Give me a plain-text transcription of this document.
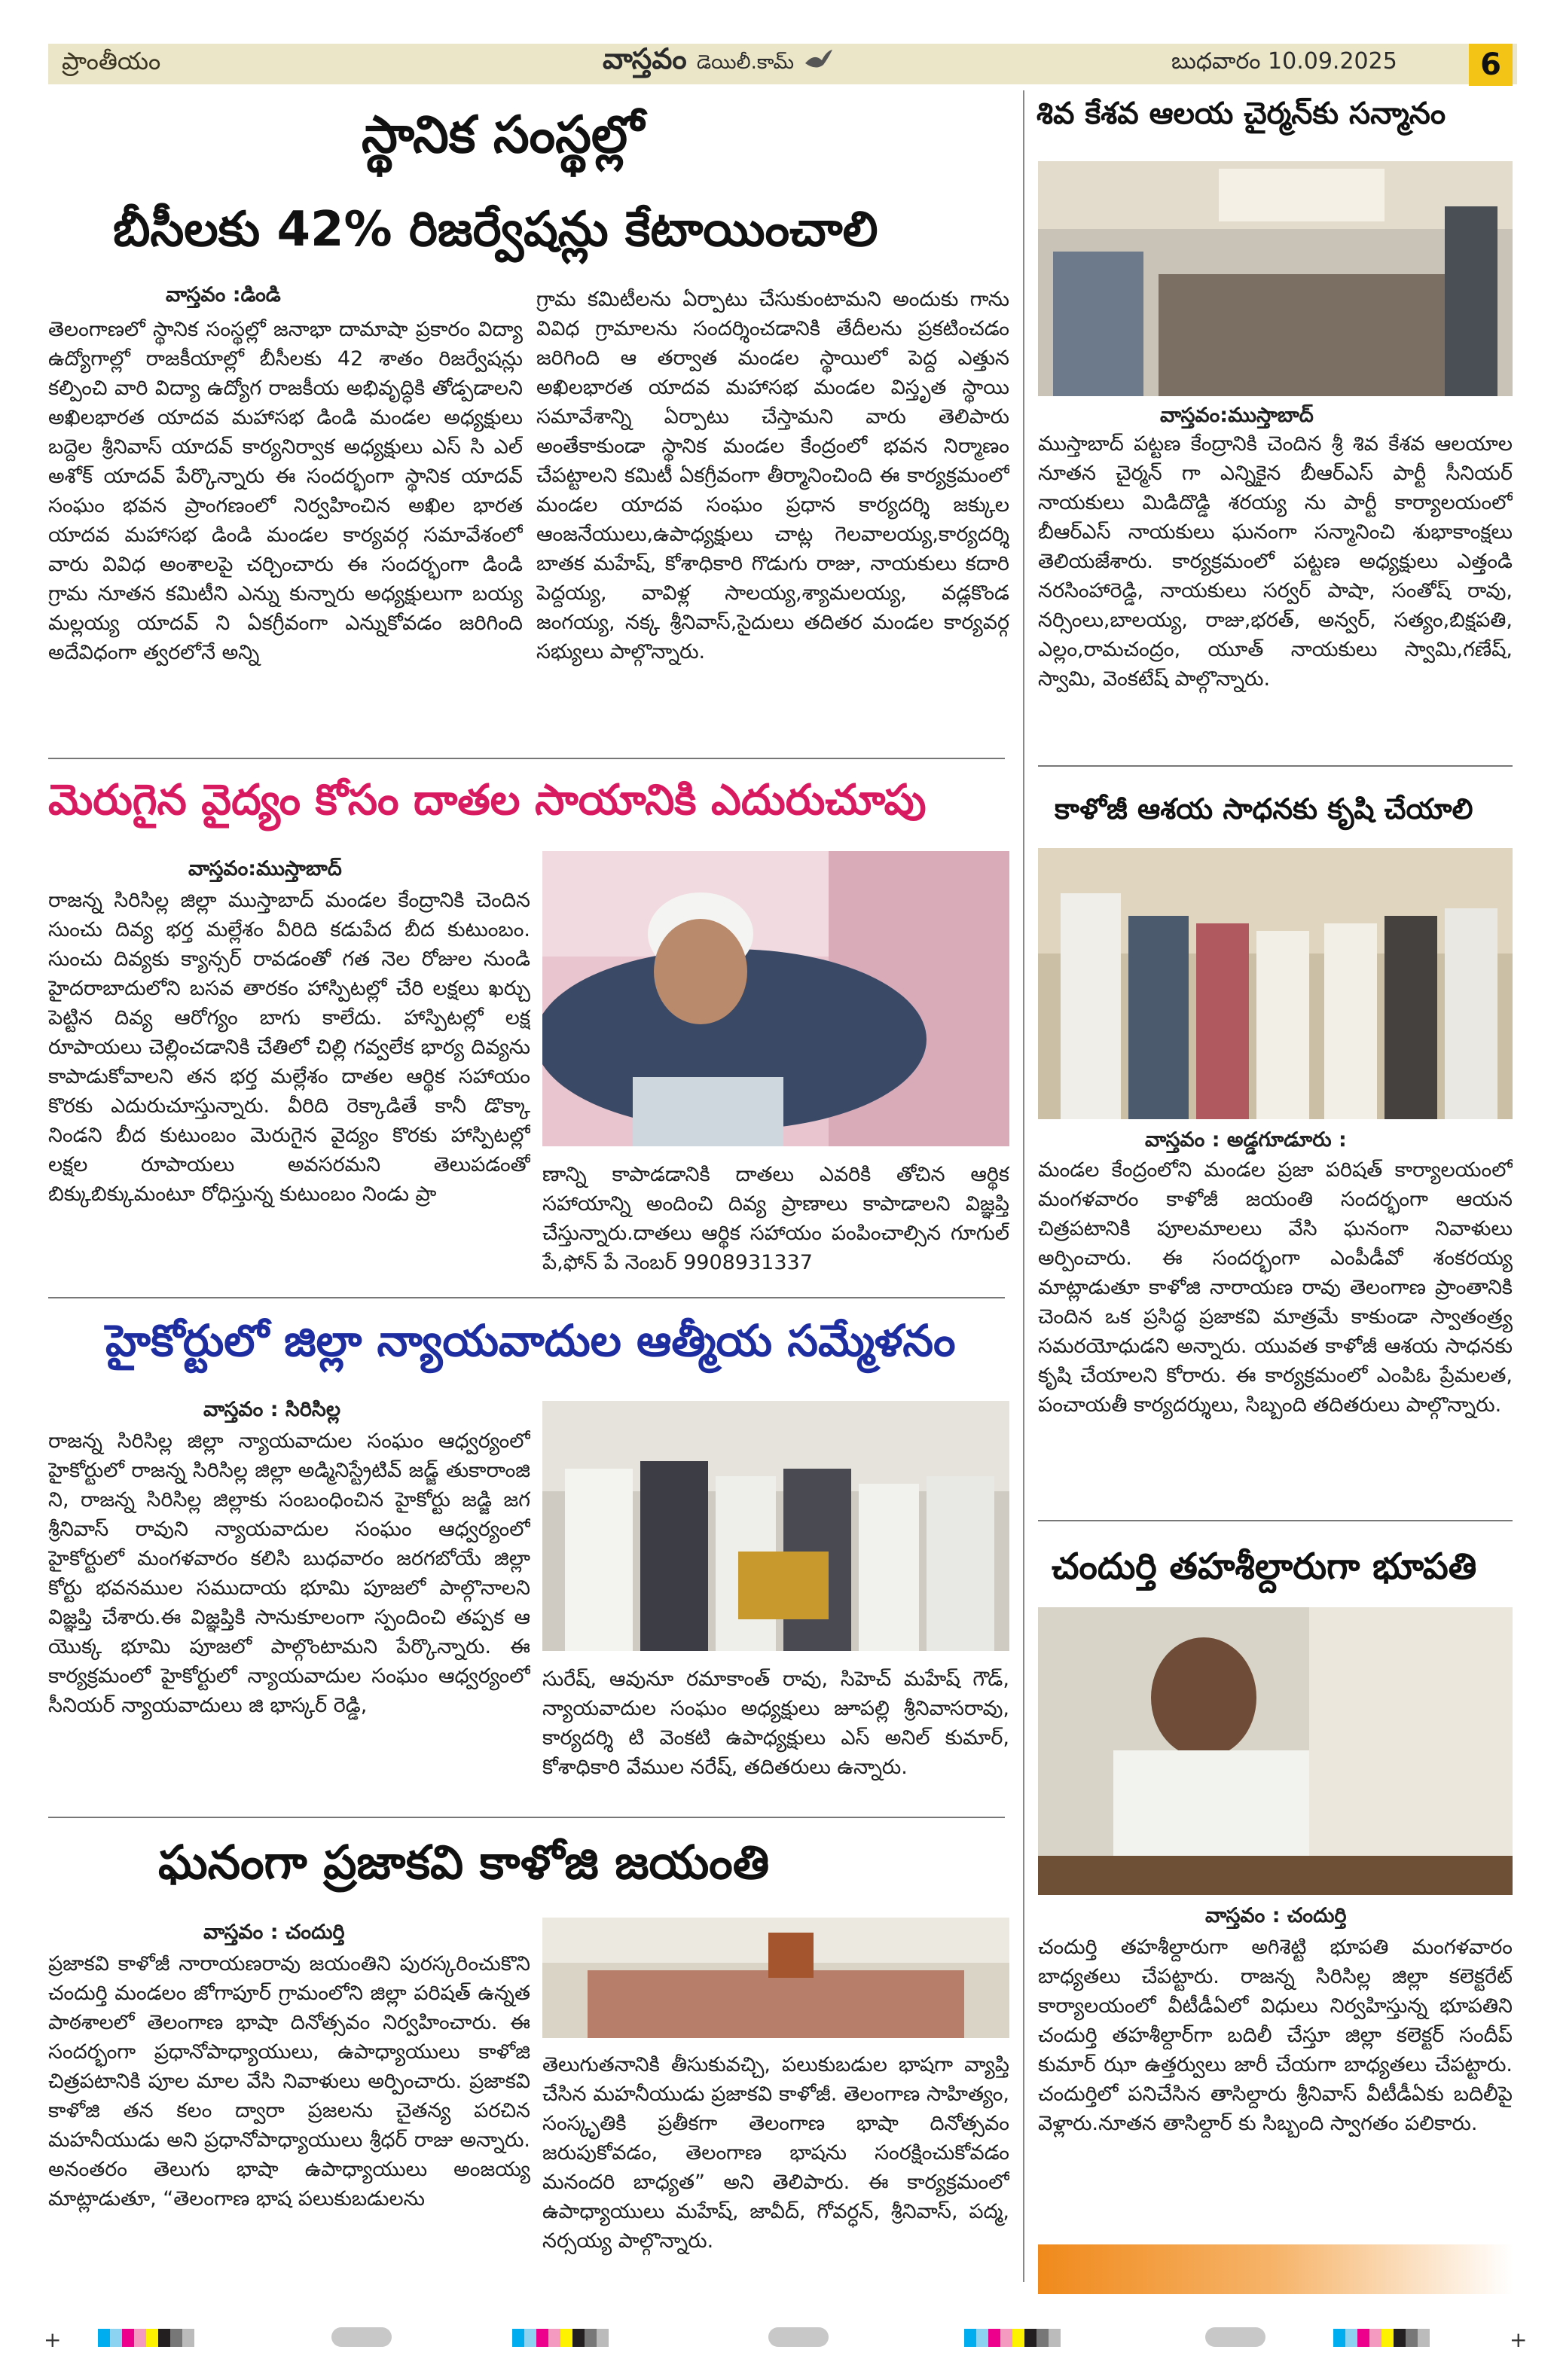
ప్రాంతీయం	వాస్తవం డెయిలీ.కామ్	బుధవారం 10.09.2025	6
స్థానిక సంస్థల్లో
బీసీలకు 42% రిజర్వేషన్లు కేటాయించాలి
వాస్తవం :డిండి
తెలంగాణలో స్థానిక సంస్థల్లో జనాభా దామాషా ప్రకారం విద్యా ఉద్యోగాల్లో రాజకీయాల్లో బీసీలకు 42 శాతం రిజర్వేషన్లు కల్పించి వారి విద్యా ఉద్యోగ రాజకీయ అభివృద్ధికి తోడ్పడాలని అఖిలభారత యాదవ మహాసభ డిండి మండల అధ్యక్షులు బద్దెల శ్రీనివాస్ యాదవ్ కార్యనిర్వాక అధ్యక్షులు ఎస్ సి ఎల్ అశోక్ యాదవ్ పేర్కొన్నారు ఈ సందర్భంగా స్థానిక యాదవ్ సంఘం భవన ప్రాంగణంలో నిర్వహించిన అఖిల భారత యాదవ మహాసభ డిండి మండల కార్యవర్గ సమావేశంలో వారు వివిధ అంశాలపై చర్చించారు ఈ సందర్భంగా డిండి గ్రామ నూతన కమిటీని ఎన్ను కున్నారు అధ్యక్షులుగా బయ్య మల్లయ్య యాదవ్ ని ఏకగ్రీవంగా ఎన్నుకోవడం జరిగింది అదేవిధంగా త్వరలోనే అన్ని
గ్రామ కమిటీలను ఏర్పాటు చేసుకుంటామని అందుకు గాను వివిధ గ్రామాలను సందర్శించడానికి తేదీలను ప్రకటించడం జరిగింది ఆ తర్వాత మండల స్థాయిలో పెద్ద ఎత్తున అఖిలభారత యాదవ మహాసభ మండల విస్తృత స్థాయి సమావేశాన్ని ఏర్పాటు చేస్తామని వారు తెలిపారు అంతేకాకుండా స్థానిక మండల కేంద్రంలో భవన నిర్మాణం చేపట్టాలని కమిటీ ఏకగ్రీవంగా తీర్మానించింది ఈ కార్యక్రమంలో మండల యాదవ సంఘం ప్రధాన కార్యదర్శి జక్కుల ఆంజనేయులు,ఉపాధ్యక్షులు చాట్ల గెలవాలయ్య,కార్యదర్శి బాతక మహేష్, కోశాధికారి గొడుగు రాజు, నాయకులు కదారి పెద్దయ్య, వావిళ్ల సాలయ్య,శ్యామలయ్య, వడ్లకొండ జంగయ్య, నక్క శ్రీనివాస్,సైదులు తదితర మండల కార్యవర్గ సభ్యులు పాల్గొన్నారు.
మెరుగైన వైద్యం కోసం దాతల సాయానికి ఎదురుచూపు
వాస్తవం:ముస్తాబాద్
రాజన్న సిరిసిల్ల జిల్లా ముస్తాబాద్ మండల కేంద్రానికి చెందిన సుంచు దివ్య భర్త మల్లేశం వీరిది కడుపేద బీద కుటుంబం. సుంచు దివ్యకు క్యాన్సర్ రావడంతో గత నెల రోజుల నుండి హైదరాబాదులోని బసవ తారకం హాస్పిటల్లో చేరి లక్షలు ఖర్చు పెట్టిన దివ్య ఆరోగ్యం బాగు కాలేదు. హాస్పిటల్లో లక్ష రూపాయలు చెల్లించడానికి చేతిలో చిల్లి గవ్వలేక భార్య దివ్యను కాపాడుకోవాలని తన భర్త మల్లేశం దాతల ఆర్థిక సహాయం కొరకు ఎదురుచూస్తున్నారు. వీరిది రెక్కాడితే కానీ డొక్కా నిండని బీద కుటుంబం మెరుగైన వైద్యం కొరకు హాస్పిటల్లో లక్షల రూపాయలు అవసరమని తెలుపడంతో బిక్కుబిక్కుమంటూ రోధిస్తున్న కుటుంబం నిండు ప్రా
ణాన్ని కాపాడడానికి దాతలు ఎవరికి తోచిన ఆర్థిక సహాయాన్ని అందించి దివ్య ప్రాణాలు కాపాడాలని విజ్ఞప్తి చేస్తున్నారు.దాతలు ఆర్థిక సహాయం పంపించాల్సిన గూగుల్ పే,ఫోన్ పే నెంబర్ 9908931337
హైకోర్టులో జిల్లా న్యాయవాదుల ఆత్మీయ సమ్మేళనం
వాస్తవం : సిరిసిల్ల
రాజన్న సిరిసిల్ల జిల్లా న్యాయవాదుల సంఘం ఆధ్వర్యంలో హైకోర్టులో రాజన్న సిరిసిల్ల జిల్లా అడ్మినిస్ట్రేటివ్ జడ్జ్ తుకారాంజి ని, రాజన్న సిరిసిల్ల జిల్లాకు సంబంధించిన హైకోర్టు జడ్జి జగ శ్రీనివాస్ రావుని న్యాయవాదుల సంఘం ఆధ్వర్యంలో హైకోర్టులో మంగళవారం కలిసి బుధవారం జరగబోయే జిల్లా కోర్టు భవనముల సముదాయ భూమి పూజలో పాల్గొనాలని విజ్ఞప్తి చేశారు.ఈ విజ్ఞప్తికి సానుకూలంగా స్పందించి తప్పక ఆ యొక్క భూమి పూజలో పాల్గొంటామని పేర్కొన్నారు. ఈ కార్యక్రమంలో హైకోర్టులో న్యాయవాదుల సంఘం ఆధ్వర్యంలో సీనియర్ న్యాయవాదులు జి భాస్కర్ రెడ్డి,
సురేష్, ఆవునూ రమాకాంత్ రావు, సిహెచ్ మహేష్ గౌడ్, న్యాయవాదుల సంఘం అధ్యక్షులు జూపల్లి శ్రీనివాసరావు, కార్యదర్శి టి వెంకటి ఉపాధ్యక్షులు ఎస్ అనిల్ కుమార్, కోశాధికారి వేముల నరేష్, తదితరులు ఉన్నారు.
ఘనంగా ప్రజాకవి కాళోజి జయంతి
వాస్తవం : చందుర్తి
ప్రజాకవి కాళోజీ నారాయణరావు జయంతిని పురస్కరించుకొని చందుర్తి మండలం జోగాపూర్ గ్రామంలోని జిల్లా పరిషత్ ఉన్నత పాఠశాలలో తెలంగాణ భాషా దినోత్సవం నిర్వహించారు. ఈ సందర్భంగా ప్రధానోపాధ్యాయులు, ఉపాధ్యాయులు కాళోజి చిత్రపటానికి పూల మాల వేసి నివాళులు అర్పించారు. ప్రజాకవి కాళోజి తన కలం ద్వారా ప్రజలను చైతన్య పరచిన మహనీయుడు అని ప్రధానోపాధ్యాయులు శ్రీధర్ రాజు అన్నారు. అనంతరం తెలుగు భాషా ఉపాధ్యాయులు అంజయ్య మాట్లాడుతూ, “తెలంగాణ భాష పలుకుబడులను
తెలుగుతనానికి తీసుకువచ్చి, పలుకుబడుల భాషగా వ్యాప్తి చేసిన మహనీయుడు ప్రజాకవి కాళోజీ. తెలంగాణ సాహిత్యం, సంస్కృతికి ప్రతీకగా తెలంగాణ భాషా దినోత్సవం జరుపుకోవడం, తెలంగాణ భాషను సంరక్షించుకోవడం మనందరి బాధ్యత” అని తెలిపారు. ఈ కార్యక్రమంలో ఉపాధ్యాయులు మహేష్, జావీద్, గోవర్ధన్, శ్రీనివాస్, పద్మ, నర్సయ్య పాల్గొన్నారు.
శివ కేశవ ఆలయ చైర్మన్‌కు సన్మానం
వాస్తవం:ముస్తాబాద్
ముస్తాబాద్ పట్టణ కేంద్రానికి చెందిన శ్రీ శివ కేశవ ఆలయాల నూతన చైర్మన్ గా ఎన్నికైన బీఆర్ఎస్ పార్టీ సీనియర్ నాయకులు మిడిదొడ్డి శరయ్య ను పార్టీ కార్యాలయంలో బీఆర్ఎస్ నాయకులు ఘనంగా సన్మానించి శుభాకాంక్షలు తెలియజేశారు. కార్యక్రమంలో పట్టణ అధ్యక్షులు ఎత్తండి నరసింహారెడ్డి, నాయకులు సర్వర్ పాషా, సంతోష్ రావు, నర్సింలు,బాలయ్య, రాజు,భరత్, అన్వర్, సత్యం,బిక్షపతి, ఎల్లం,రామచంద్రం, యూత్ నాయకులు స్వామి,గణేష్, స్వామి, వెంకటేష్ పాల్గొన్నారు.
కాళోజీ ఆశయ సాధనకు కృషి చేయాలి
వాస్తవం : అడ్డగూడూరు :
మండల కేంద్రంలోని మండల ప్రజా పరిషత్ కార్యాలయంలో మంగళవారం కాళోజీ జయంతి సందర్భంగా ఆయన చిత్రపటానికి పూలమాలలు వేసి ఘనంగా నివాళులు అర్పించారు. ఈ సందర్భంగా ఎంపీడీవో శంకరయ్య మాట్లాడుతూ కాళోజి నారాయణ రావు తెలంగాణ ప్రాంతానికి చెందిన ఒక ప్రసిద్ధ ప్రజాకవి మాత్రమే కాకుండా స్వాతంత్ర్య సమరయోధుడని అన్నారు. యువత కాళోజీ ఆశయ సాధనకు కృషి చేయాలని కోరారు. ఈ కార్యక్రమంలో ఎంపిఓ ప్రేమలత, పంచాయతీ కార్యదర్శులు, సిబ్బంది తదితరులు పాల్గొన్నారు.
చందుర్తి తహశీల్దారుగా భూపతి
వాస్తవం : చందుర్తి
చందుర్తి తహశీల్దారుగా అగిశెట్టి భూపతి మంగళవారం బాధ్యతలు చేపట్టారు. రాజన్న సిరిసిల్ల జిల్లా కలెక్టరేట్ కార్యాలయంలో వీటీడీఏలో విధులు నిర్వహిస్తున్న భూపతిని చందుర్తి తహశీల్దార్‌గా బదిలీ చేస్తూ జిల్లా కలెక్టర్ సందీప్ కుమార్ ఝా ఉత్తర్వులు జారీ చేయగా బాధ్యతలు చేపట్టారు. చందుర్తిలో పనిచేసిన తాసిల్దారు శ్రీనివాస్ వీటీడీఏకు బదిలీపై వెళ్లారు.నూతన తాసిల్దార్ కు సిబ్బంది స్వాగతం పలికారు.
+	+
